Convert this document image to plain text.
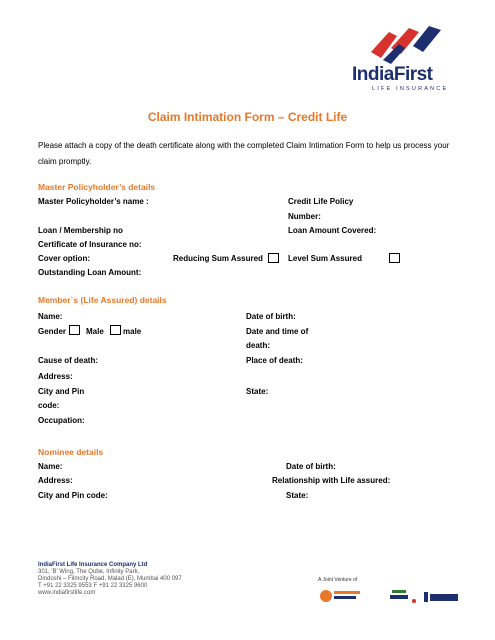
IndiaFirst
LIFE INSURANCE
Claim Intimation Form – Credit Life
Please attach a copy of the death certificate along with the completed Claim Intimation Form to help us process your claim promptly.
Master Policyholder’s details
Master Policyholder’s name :	Credit Life Policy
Number:
Loan / Membership no	Loan Amount Covered:
Certificate of Insurance no:
Cover option:	Reducing Sum Assured	Level Sum Assured
Outstanding Loan Amount:
Member`s (Life Assured) details
Name:	Date of birth:
Gender Male male	Date and time of
death:
Cause of death:	Place of death:
Address:
City and Pin	State:
code:
Occupation:
Nominee details
Name:	Date of birth:
Address:	Relationship with Life assured:
City and Pin code:	State:
IndiaFirst Life Insurance Company Ltd
301, 'B' Wing, The Qube, Infinity Park,
Dindoshi – Filmcity Road, Malad (E), Mumbai 400 097
T +91 22 3325 9553 F +91 22 3325 9600
www.indiafirstlife.com
A Joint Venture of
